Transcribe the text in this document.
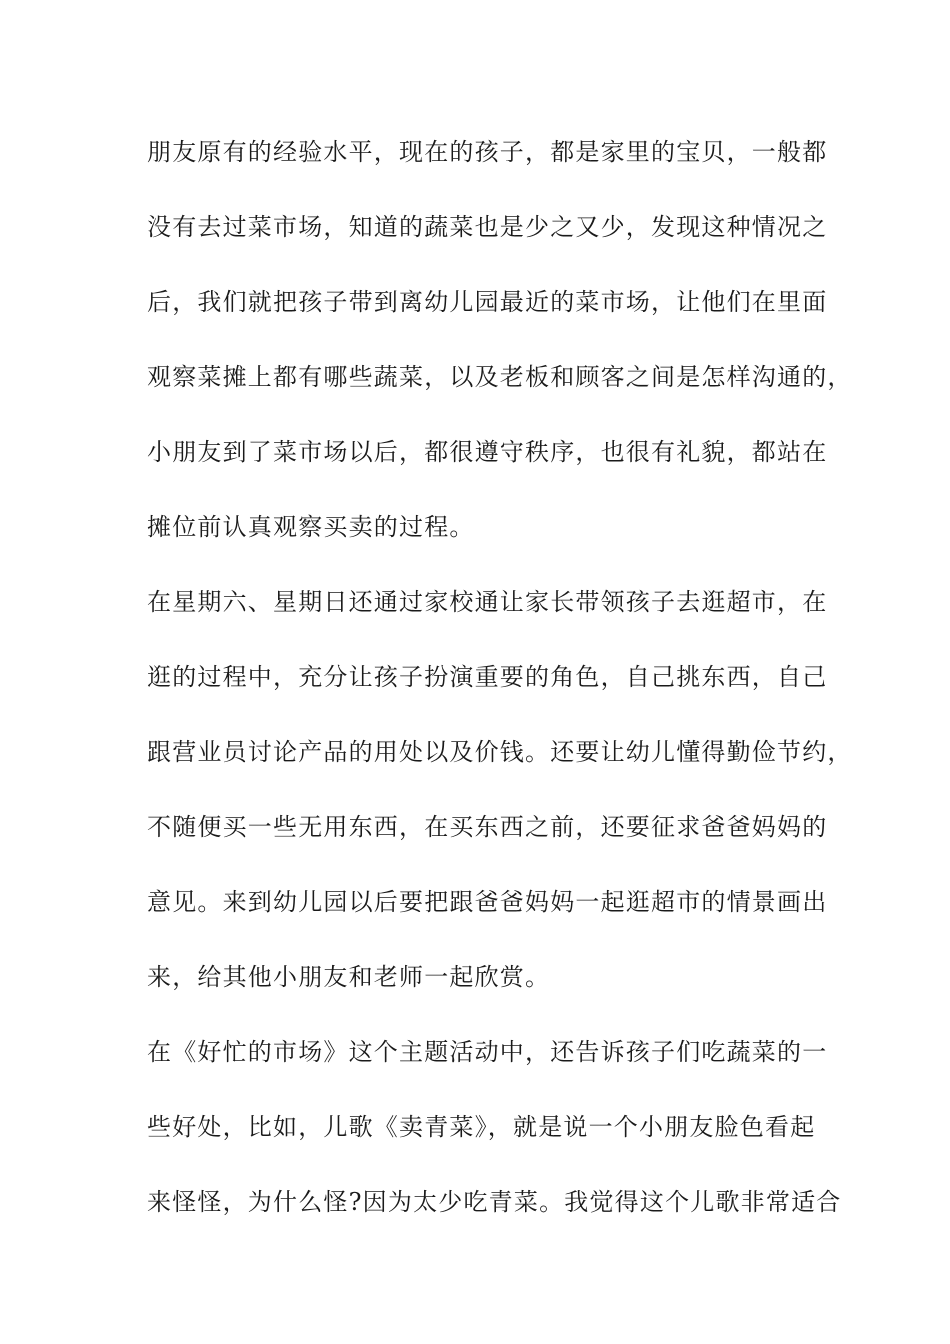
朋友原有的经验水平，现在的孩子，都是家里的宝贝，一般都
没有去过菜市场，知道的蔬菜也是少之又少，发现这种情况之
后，我们就把孩子带到离幼儿园最近的菜市场，让他们在里面
观察菜摊上都有哪些蔬菜，以及老板和顾客之间是怎样沟通的，
小朋友到了菜市场以后，都很遵守秩序，也很有礼貌，都站在
摊位前认真观察买卖的过程。
在星期六、星期日还通过家校通让家长带领孩子去逛超市，在
逛的过程中，充分让孩子扮演重要的角色，自己挑东西，自己
跟营业员讨论产品的用处以及价钱。还要让幼儿懂得勤俭节约，
不随便买一些无用东西，在买东西之前，还要征求爸爸妈妈的
意见。来到幼儿园以后要把跟爸爸妈妈一起逛超市的情景画出
来，给其他小朋友和老师一起欣赏。
在《好忙的市场》这个主题活动中，还告诉孩子们吃蔬菜的一
些好处，比如，儿歌《卖青菜》，就是说一个小朋友脸色看起
来怪怪，为什么怪?因为太少吃青菜。我觉得这个儿歌非常适合
